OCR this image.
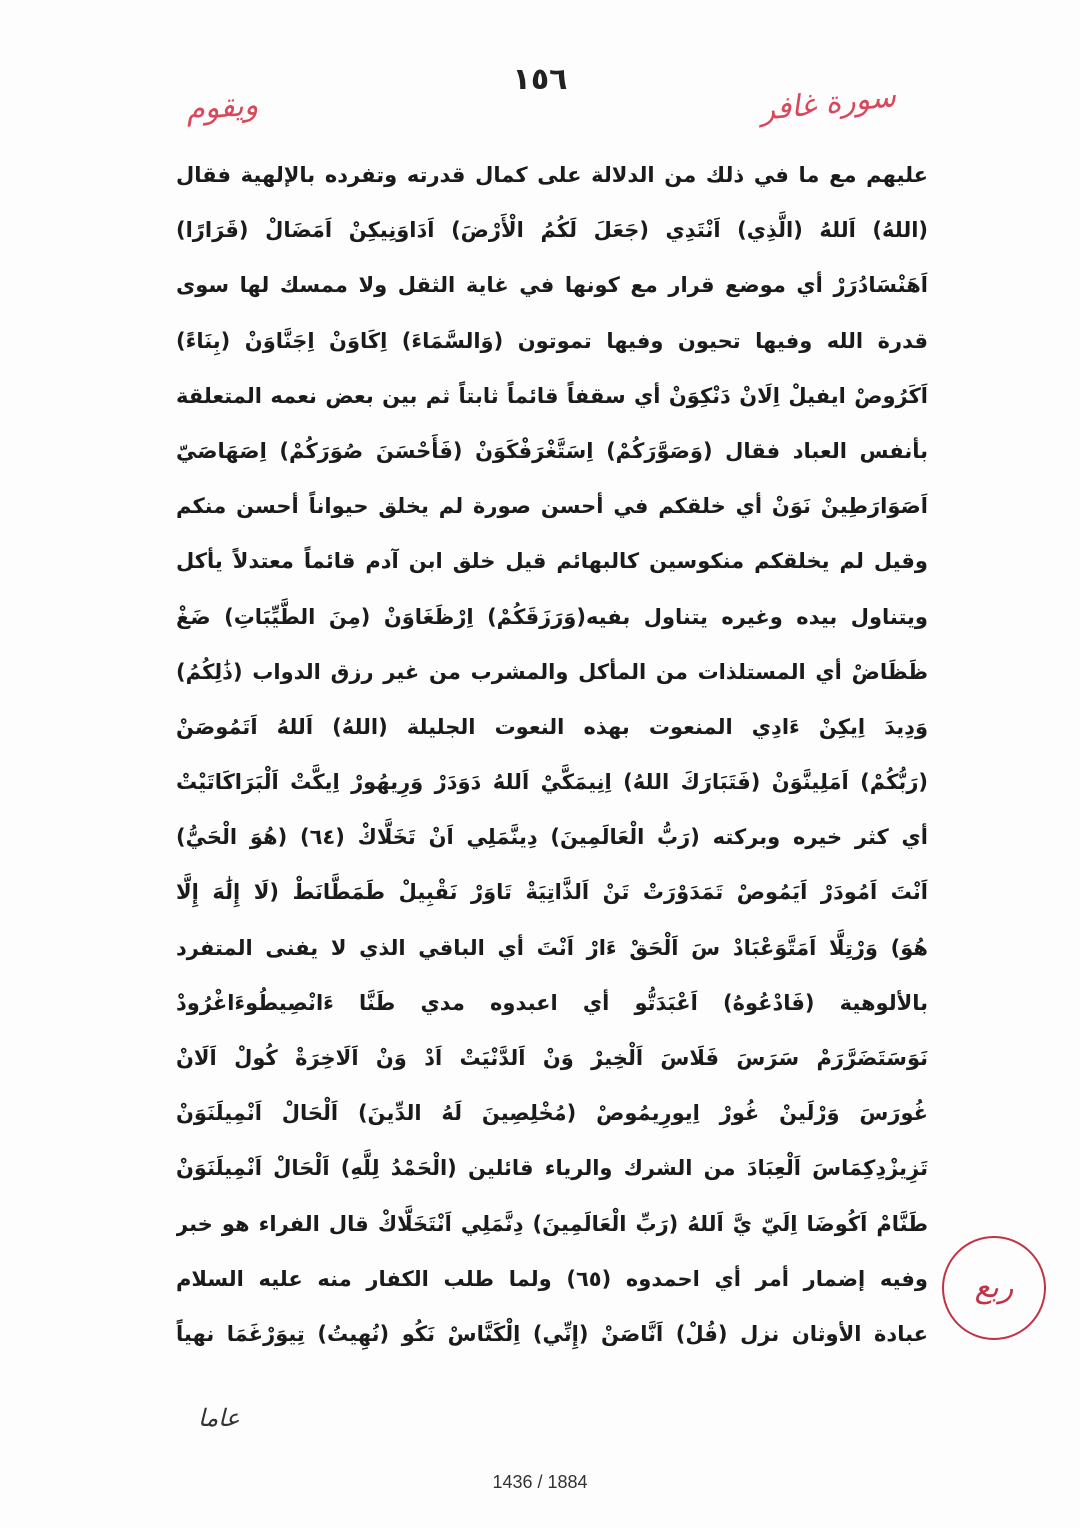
١٥٦	سورة غافر
ويقوم
عليهم مع ما في ذلك من الدلالة على كمال قدرته وتفرده بالإلهية فقال
(اللهُ) اَللهُ (الَّذِي) اَنْتَدِي (جَعَلَ لَكُمُ الْأَرْضَ) اَدَاوَنِيكِنْ اَمَضَالْ (قَرَارًا)
اَهَنْسَادُرَرْ أي موضع قرار مع كونها في غاية الثقل ولا ممسك لها سوى
قدرة الله وفيها تحيون وفيها تموتون (وَالسَّمَاءَ) اِكَاوَنْ اِجَنَّاوَنْ (بِنَاءً)
اَكَرُوصْ ايفيلْ اِلَانْ دَنْكِوَنْ أي سقفاً قائماً ثابتاً ثم بين بعض نعمه المتعلقة
بأنفس العباد فقال (وَصَوَّرَكُمْ) اِسَتَّغْرَفْكَوَنْ (فَأَحْسَنَ صُوَرَكُمْ) اِصَهَاصَيّ
اَصَوَارَطِينْ نَوَنْ أي خلقكم في أحسن صورة لم يخلق حيواناً أحسن منكم
وقيل لم يخلقكم منكوسين كالبهائم قيل خلق ابن آدم قائماً معتدلاً يأكل
ويتناول بيده وغيره يتناول بفيه(وَرَزَقَكُمْ) اِرْظَغَاوَنْ (مِنَ الطَّيِّبَاتِ) ضَغْ
ظَظَاضْ أي المستلذات من المأكل والمشرب من غير رزق الدواب (ذَٰلِكُمُ)
وَدِيدَ اِيكِنْ ءَادِي المنعوت بهذه النعوت الجليلة (اللهُ) اَللهُ اَتَمُوصَنْ
(رَبُّكُمْ) اَمَلِينَّوَنْ (فَتَبَارَكَ اللهُ) اِنِيمَكَّيْ اَللهُ دَوَدَرْ وَرِيهُورْ اِيكَّتْ اَلْبَرَاكَاتَيْتْ
أي كثر خيره وبركته (رَبُّ الْعَالَمِينَ) دِينَّمَلِي اَنْ تَخَلَّاكْ (٦٤) (هُوَ الْحَيُّ)
اَنْتَ اَمُودَرْ اَيَمُوصْ تَمَدَوْرَتْ تَنْ اَلذَّاتِيَةْ تَاوَرْ نَقْبِيلْ طَمَطَّانَطْ (لَا إِلَٰهَ إِلَّا
هُوَ) وَرْتِلَّا اَمَتَّوَعْبَادْ سَ اَلْحَقْ ءَارْ اَنْتَ أي الباقي الذي لا يفنى المتفرد
بالألوهية (فَادْعُوهُ) اَعْبَدَتُّو أي اعبدوه مدي طَنَّا ءَانْصِيطُوءَاغْرُودْ
نَوَسَتَضَرَّرَمْ سَرَسَ فَلَاسَ اَلْخِيرْ وَنْ اَلدَّنْيَتْ اَدْ وَنْ اَلَاخِرَةْ كُولْ اَلَانْ
غُورَسَ وَرْلَينْ غُورْ اِيورِيمُوصْ (مُخْلِصِينَ لَهُ الدِّينَ) اَلْحَالْ اَنْمِيلَنَوَنْ
تَزِيزْدِكِمَاسَ اَلْعِبَادَ من الشرك والرياء قائلين (الْحَمْدُ لِلَّهِ) اَلْحَالْ اَنْمِيلَنَوَنْ
طَنَّامْ اَكُوضَا اِلَيّ يَّ اَللهُ (رَبِّ الْعَالَمِينَ) دِنَّمَلِي اَنْتَخَلَّاكْ قال الفراء هو خبر
وفيه إضمار أمر أي احمدوه (٦٥) ولما طلب الكفار منه عليه السلام
عبادة الأوثان نزل (قُلْ) اَنَّاصَنْ (إِنِّي) اِلْكَنَّاسْ نَكُو (نُهِيتُ) تِيوَرْغَمَا نهياً
ربع
عاما
1436 / 1884
